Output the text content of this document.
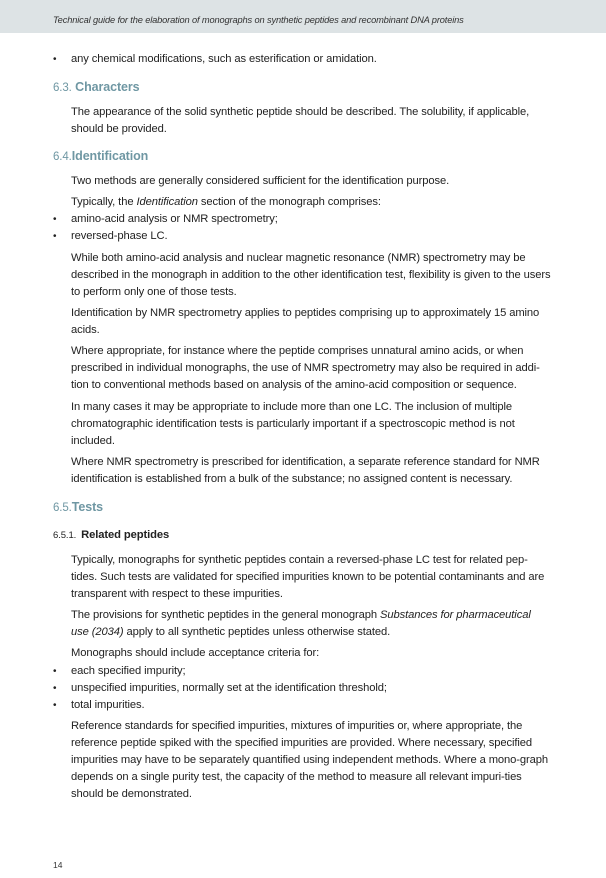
Technical guide for the elaboration of monographs on synthetic peptides and recombinant DNA proteins
•	any chemical modifications, such as esterification or amidation.
6.3. Characters
The appearance of the solid synthetic peptide should be described. The solubility, if applicable, should be provided.
6.4.Identification
Two methods are generally considered sufficient for the identification purpose.
Typically, the Identification section of the monograph comprises:
•	amino-acid analysis or NMR spectrometry;
•	reversed-phase LC.
While both amino-acid analysis and nuclear magnetic resonance (NMR) spectrometry may be described in the monograph in addition to the other identification test, flexibility is given to the users to perform only one of those tests.
Identification by NMR spectrometry applies to peptides comprising up to approximately 15 amino acids.
Where appropriate, for instance where the peptide comprises unnatural amino acids, or when prescribed in individual monographs, the use of NMR spectrometry may also be required in addi-tion to conventional methods based on analysis of the amino-acid composition or sequence.
In many cases it may be appropriate to include more than one LC. The inclusion of multiple chromatographic identification tests is particularly important if a spectroscopic method is not included.
Where NMR spectrometry is prescribed for identification, a separate reference standard for NMR identification is established from a bulk of the substance; no assigned content is necessary.
6.5.Tests
6.5.1. Related peptides
Typically, monographs for synthetic peptides contain a reversed-phase LC test for related pep-tides. Such tests are validated for specified impurities known to be potential contaminants and are transparent with respect to these impurities.
The provisions for synthetic peptides in the general monograph Substances for pharmaceutical use (2034) apply to all synthetic peptides unless otherwise stated.
Monographs should include acceptance criteria for:
•	each specified impurity;
•	unspecified impurities, normally set at the identification threshold;
•	total impurities.
Reference standards for specified impurities, mixtures of impurities or, where appropriate, the reference peptide spiked with the specified impurities are provided. Where necessary, specified impurities may have to be separately quantified using independent methods. Where a mono-graph depends on a single purity test, the capacity of the method to measure all relevant impuri-ties should be demonstrated.
14
